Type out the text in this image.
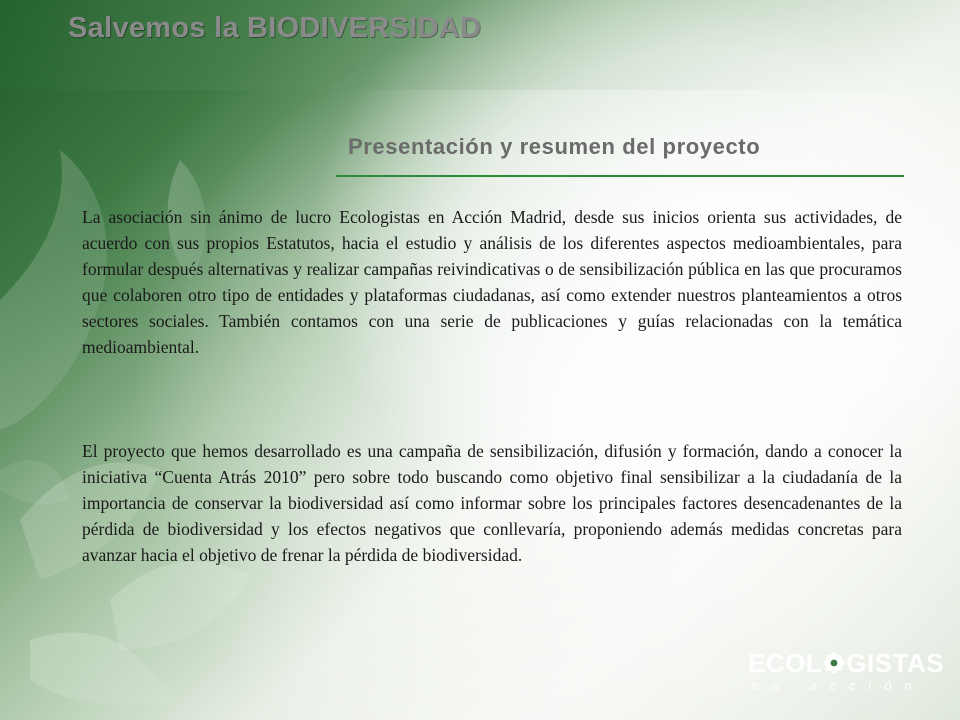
Salvemos la BIODIVERSIDAD
Presentación y resumen del proyecto

La asociación sin ánimo de lucro Ecologistas en Acción Madrid, desde sus inicios orienta sus actividades, de acuerdo con sus propios Estatutos, hacia el estudio y análisis de los diferentes aspectos medioambientales, para formular después alternativas y realizar campañas reivindicativas o de sensibilización pública en las que procuramos que colaboren otro tipo de entidades y plataformas ciudadanas, así como extender nuestros planteamientos a otros sectores sociales. También contamos con una serie de publicaciones y guías relacionadas con la temática medioambiental.

El proyecto que hemos desarrollado es una campaña de sensibilización, difusión y formación, dando a conocer la iniciativa “Cuenta Atrás 2010” pero sobre todo buscando como objetivo final sensibilizar a la ciudadanía de la importancia de conservar la biodiversidad así como informar sobre los principales factores desencadenantes de la pérdida de biodiversidad y los efectos negativos que conllevaría, proponiendo además medidas concretas para avanzar hacia el objetivo de frenar la pérdida de biodiversidad.

ECOL GISTAS
en acción
